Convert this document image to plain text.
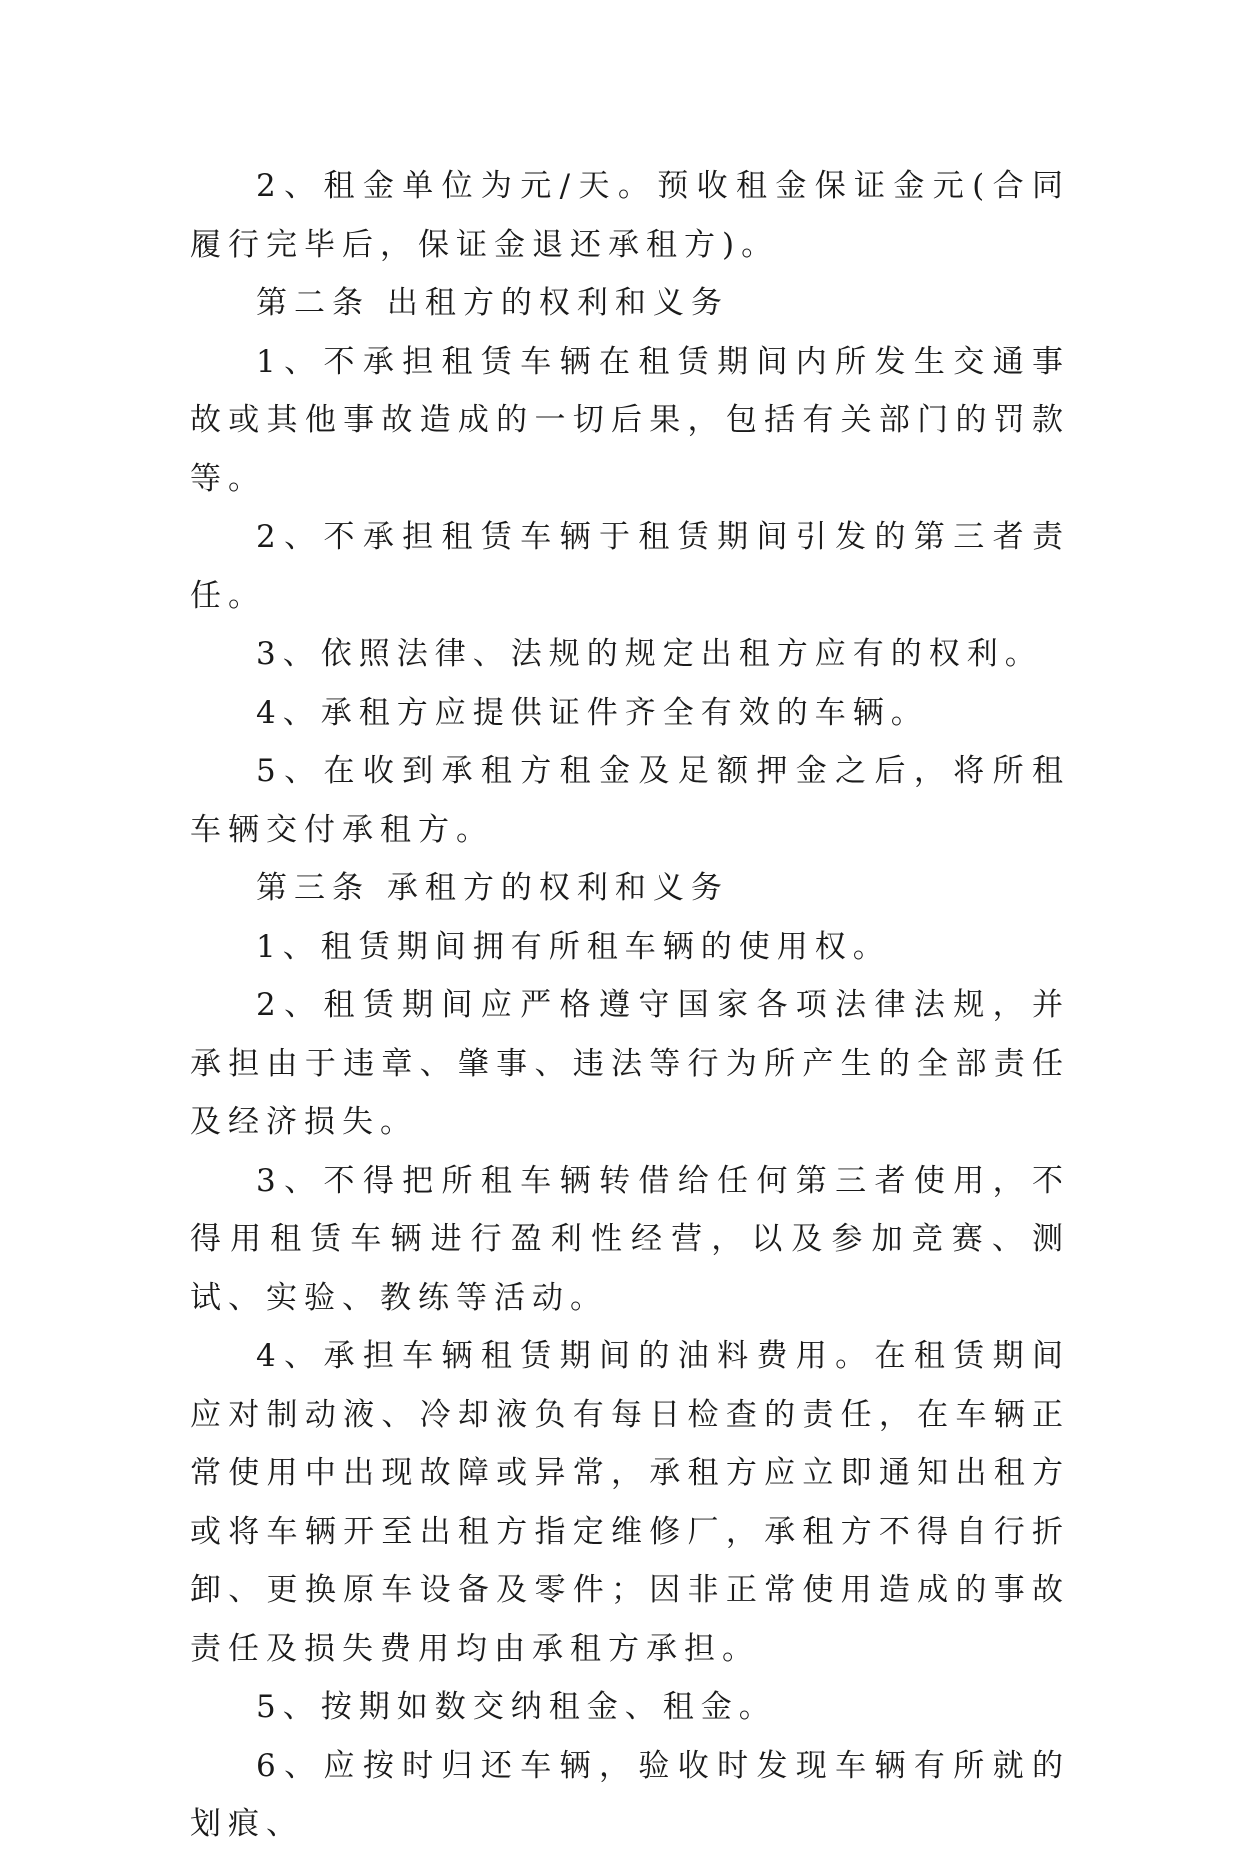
2、租金单位为元/天。预收租金保证金元(合同履行完毕后，保证金退还承租方)。

第二条 出租方的权利和义务

1、不承担租赁车辆在租赁期间内所发生交通事故或其他事故造成的一切后果，包括有关部门的罚款等。

2、不承担租赁车辆于租赁期间引发的第三者责任。

3、依照法律、法规的规定出租方应有的权利。

4、承租方应提供证件齐全有效的车辆。

5、在收到承租方租金及足额押金之后，将所租车辆交付承租方。

第三条 承租方的权利和义务

1、租赁期间拥有所租车辆的使用权。

2、租赁期间应严格遵守国家各项法律法规，并承担由于违章、肇事、违法等行为所产生的全部责任及经济损失。

3、不得把所租车辆转借给任何第三者使用，不得用租赁车辆进行盈利性经营，以及参加竞赛、测试、实验、教练等活动。

4、承担车辆租赁期间的油料费用。在租赁期间应对制动液、冷却液负有每日检查的责任，在车辆正常使用中出现故障或异常，承租方应立即通知出租方或将车辆开至出租方指定维修厂，承租方不得自行折卸、更换原车设备及零件；因非正常使用造成的事故责任及损失费用均由承租方承担。

5、按期如数交纳租金、租金。

6、应按时归还车辆，验收时发现车辆有所就的划痕、
